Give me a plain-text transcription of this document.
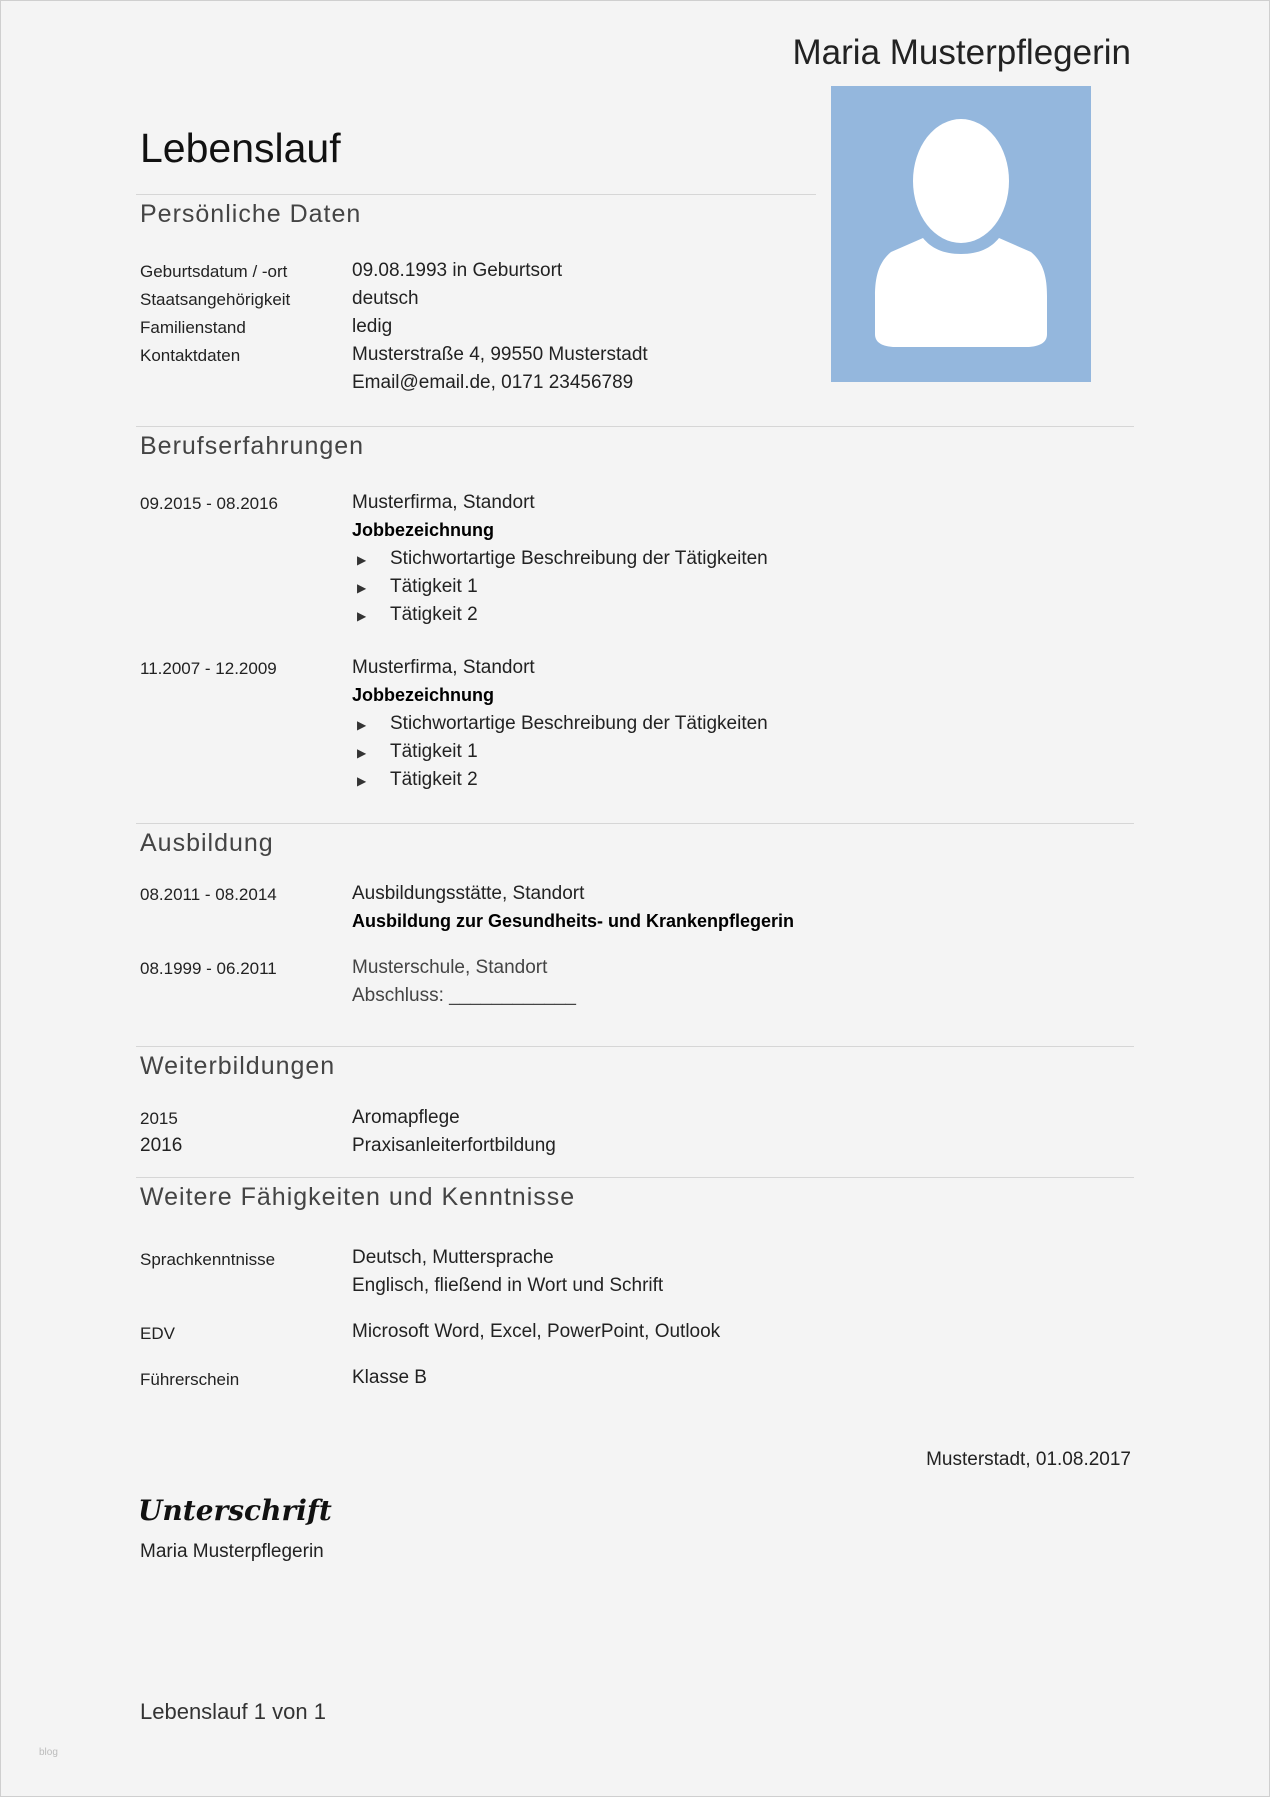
Maria Musterpflegerin
Lebenslauf
Persönliche Daten
Geburtsdatum / -ort	09.08.1993 in Geburtsort
Staatsangehörigkeit	deutsch
Familienstand	ledig
Kontaktdaten	Musterstraße 4, 99550 Musterstadt
Email@email.de, 0171 23456789
Berufserfahrungen
09.2015 - 08.2016	Musterfirma, Standort
Jobbezeichnung
▶ Stichwortartige Beschreibung der Tätigkeiten
▶ Tätigkeit 1
▶ Tätigkeit 2
11.2007 - 12.2009	Musterfirma, Standort
Jobbezeichnung
▶ Stichwortartige Beschreibung der Tätigkeiten
▶ Tätigkeit 1
▶ Tätigkeit 2
Ausbildung
08.2011 - 08.2014	Ausbildungsstätte, Standort
Ausbildung zur Gesundheits- und Krankenpflegerin
08.1999 - 06.2011	Musterschule, Standort
Abschluss: ____________
Weiterbildungen
2015	Aromapflege
2016	Praxisanleiterfortbildung
Weitere Fähigkeiten und Kenntnisse
Sprachkenntnisse	Deutsch, Muttersprache
Englisch, fließend in Wort und Schrift
EDV	Microsoft Word, Excel, PowerPoint, Outlook
Führerschein	Klasse B
Musterstadt, 01.08.2017
Unterschrift
Maria Musterpflegerin
Lebenslauf 1 von 1
blog
